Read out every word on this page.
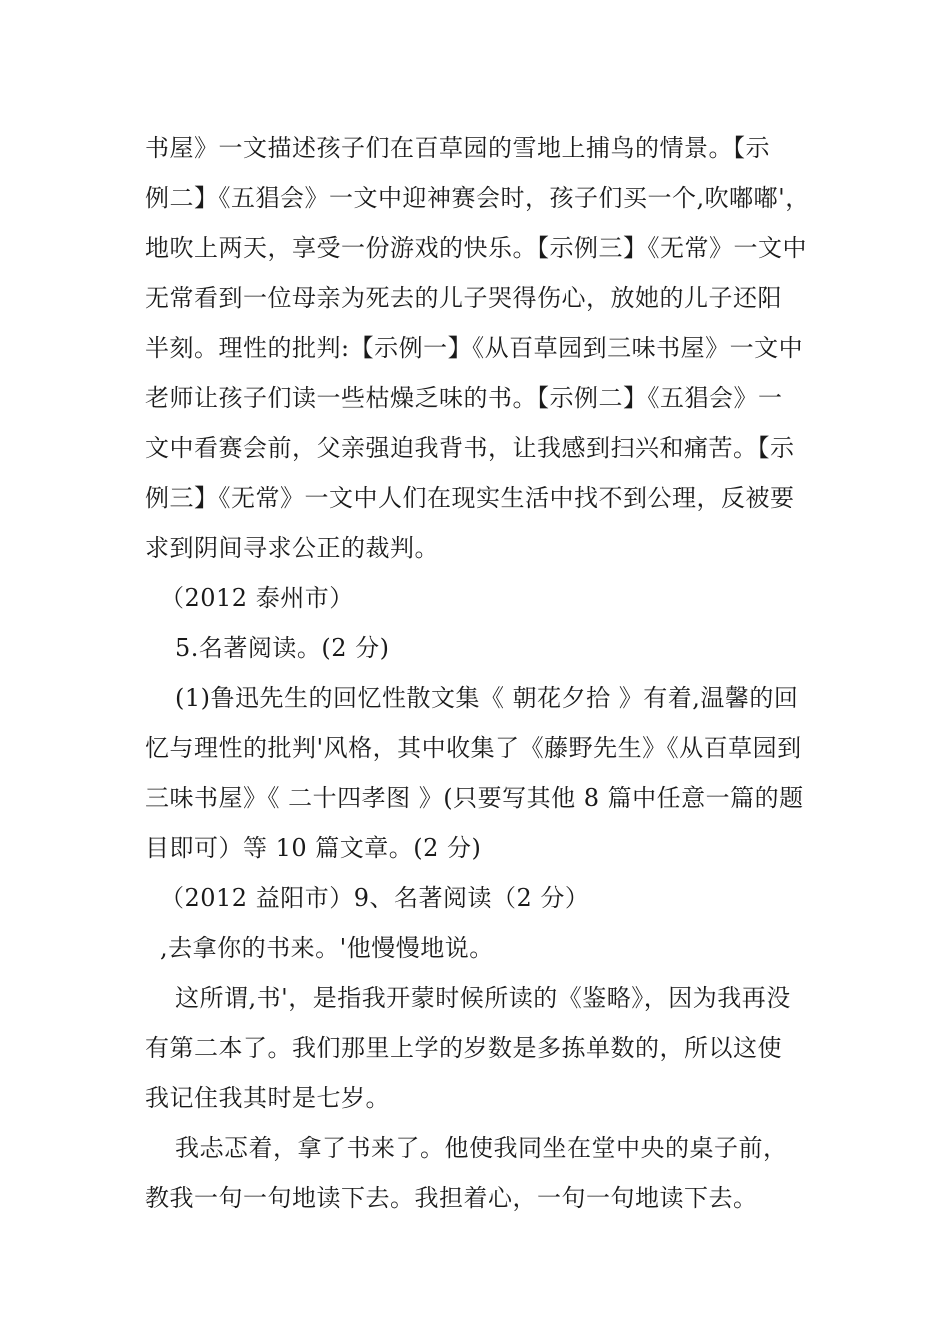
书屋》一文描述孩子们在百草园的雪地上捕鸟的情景。【示
例二】《五猖会》一文中迎神赛会时，孩子们买一个,吹嘟嘟'，
地吹上两天，享受一份游戏的快乐。【示例三】《无常》一文中
无常看到一位母亲为死去的儿子哭得伤心，放她的儿子还阳
半刻。理性的批判:【示例一】《从百草园到三味书屋》一文中
老师让孩子们读一些枯燥乏味的书。【示例二】《五猖会》一
文中看赛会前，父亲强迫我背书，让我感到扫兴和痛苦。【示
例三】《无常》一文中人们在现实生活中找不到公理，反被要
求到阴间寻求公正的裁判。
（2012 泰州市）
5.名著阅读。(2 分)
(1)鲁迅先生的回忆性散文集《 朝花夕拾 》有着,温馨的回
忆与理性的批判'风格，其中收集了《藤野先生》《从百草园到
三味书屋》《 二十四孝图 》(只要写其他 8 篇中任意一篇的题
目即可）等 10 篇文章。(2 分)
（2012 益阳市）9、名著阅读（2 分）
,去拿你的书来。'他慢慢地说。
这所谓,书'，是指我开蒙时候所读的《鉴略》，因为我再没
有第二本了。我们那里上学的岁数是多拣单数的，所以这使
我记住我其时是七岁。
我忐忑着，拿了书来了。他使我同坐在堂中央的桌子前，
教我一句一句地读下去。我担着心，一句一句地读下去。
